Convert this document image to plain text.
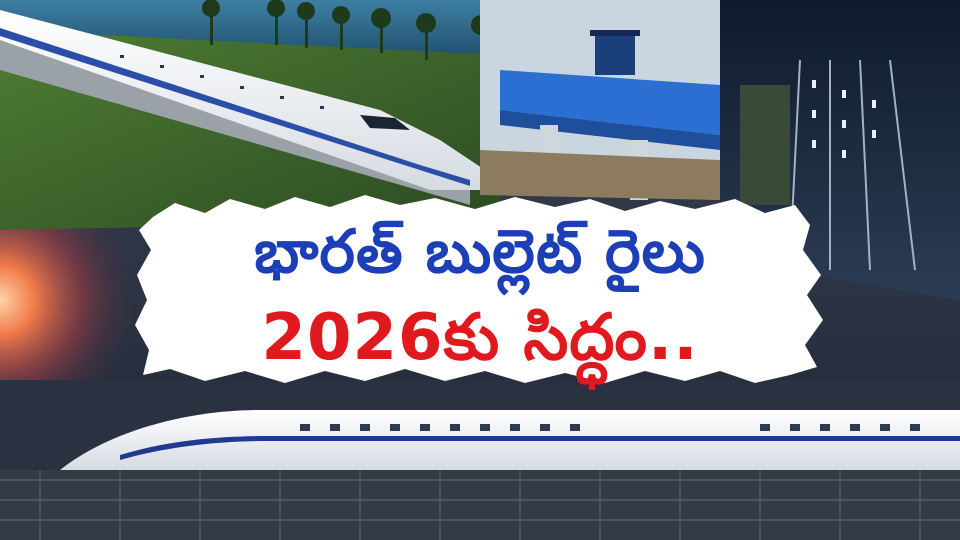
భారత్ బుల్లెట్ రైలు
2026కు సిద్ధం..
